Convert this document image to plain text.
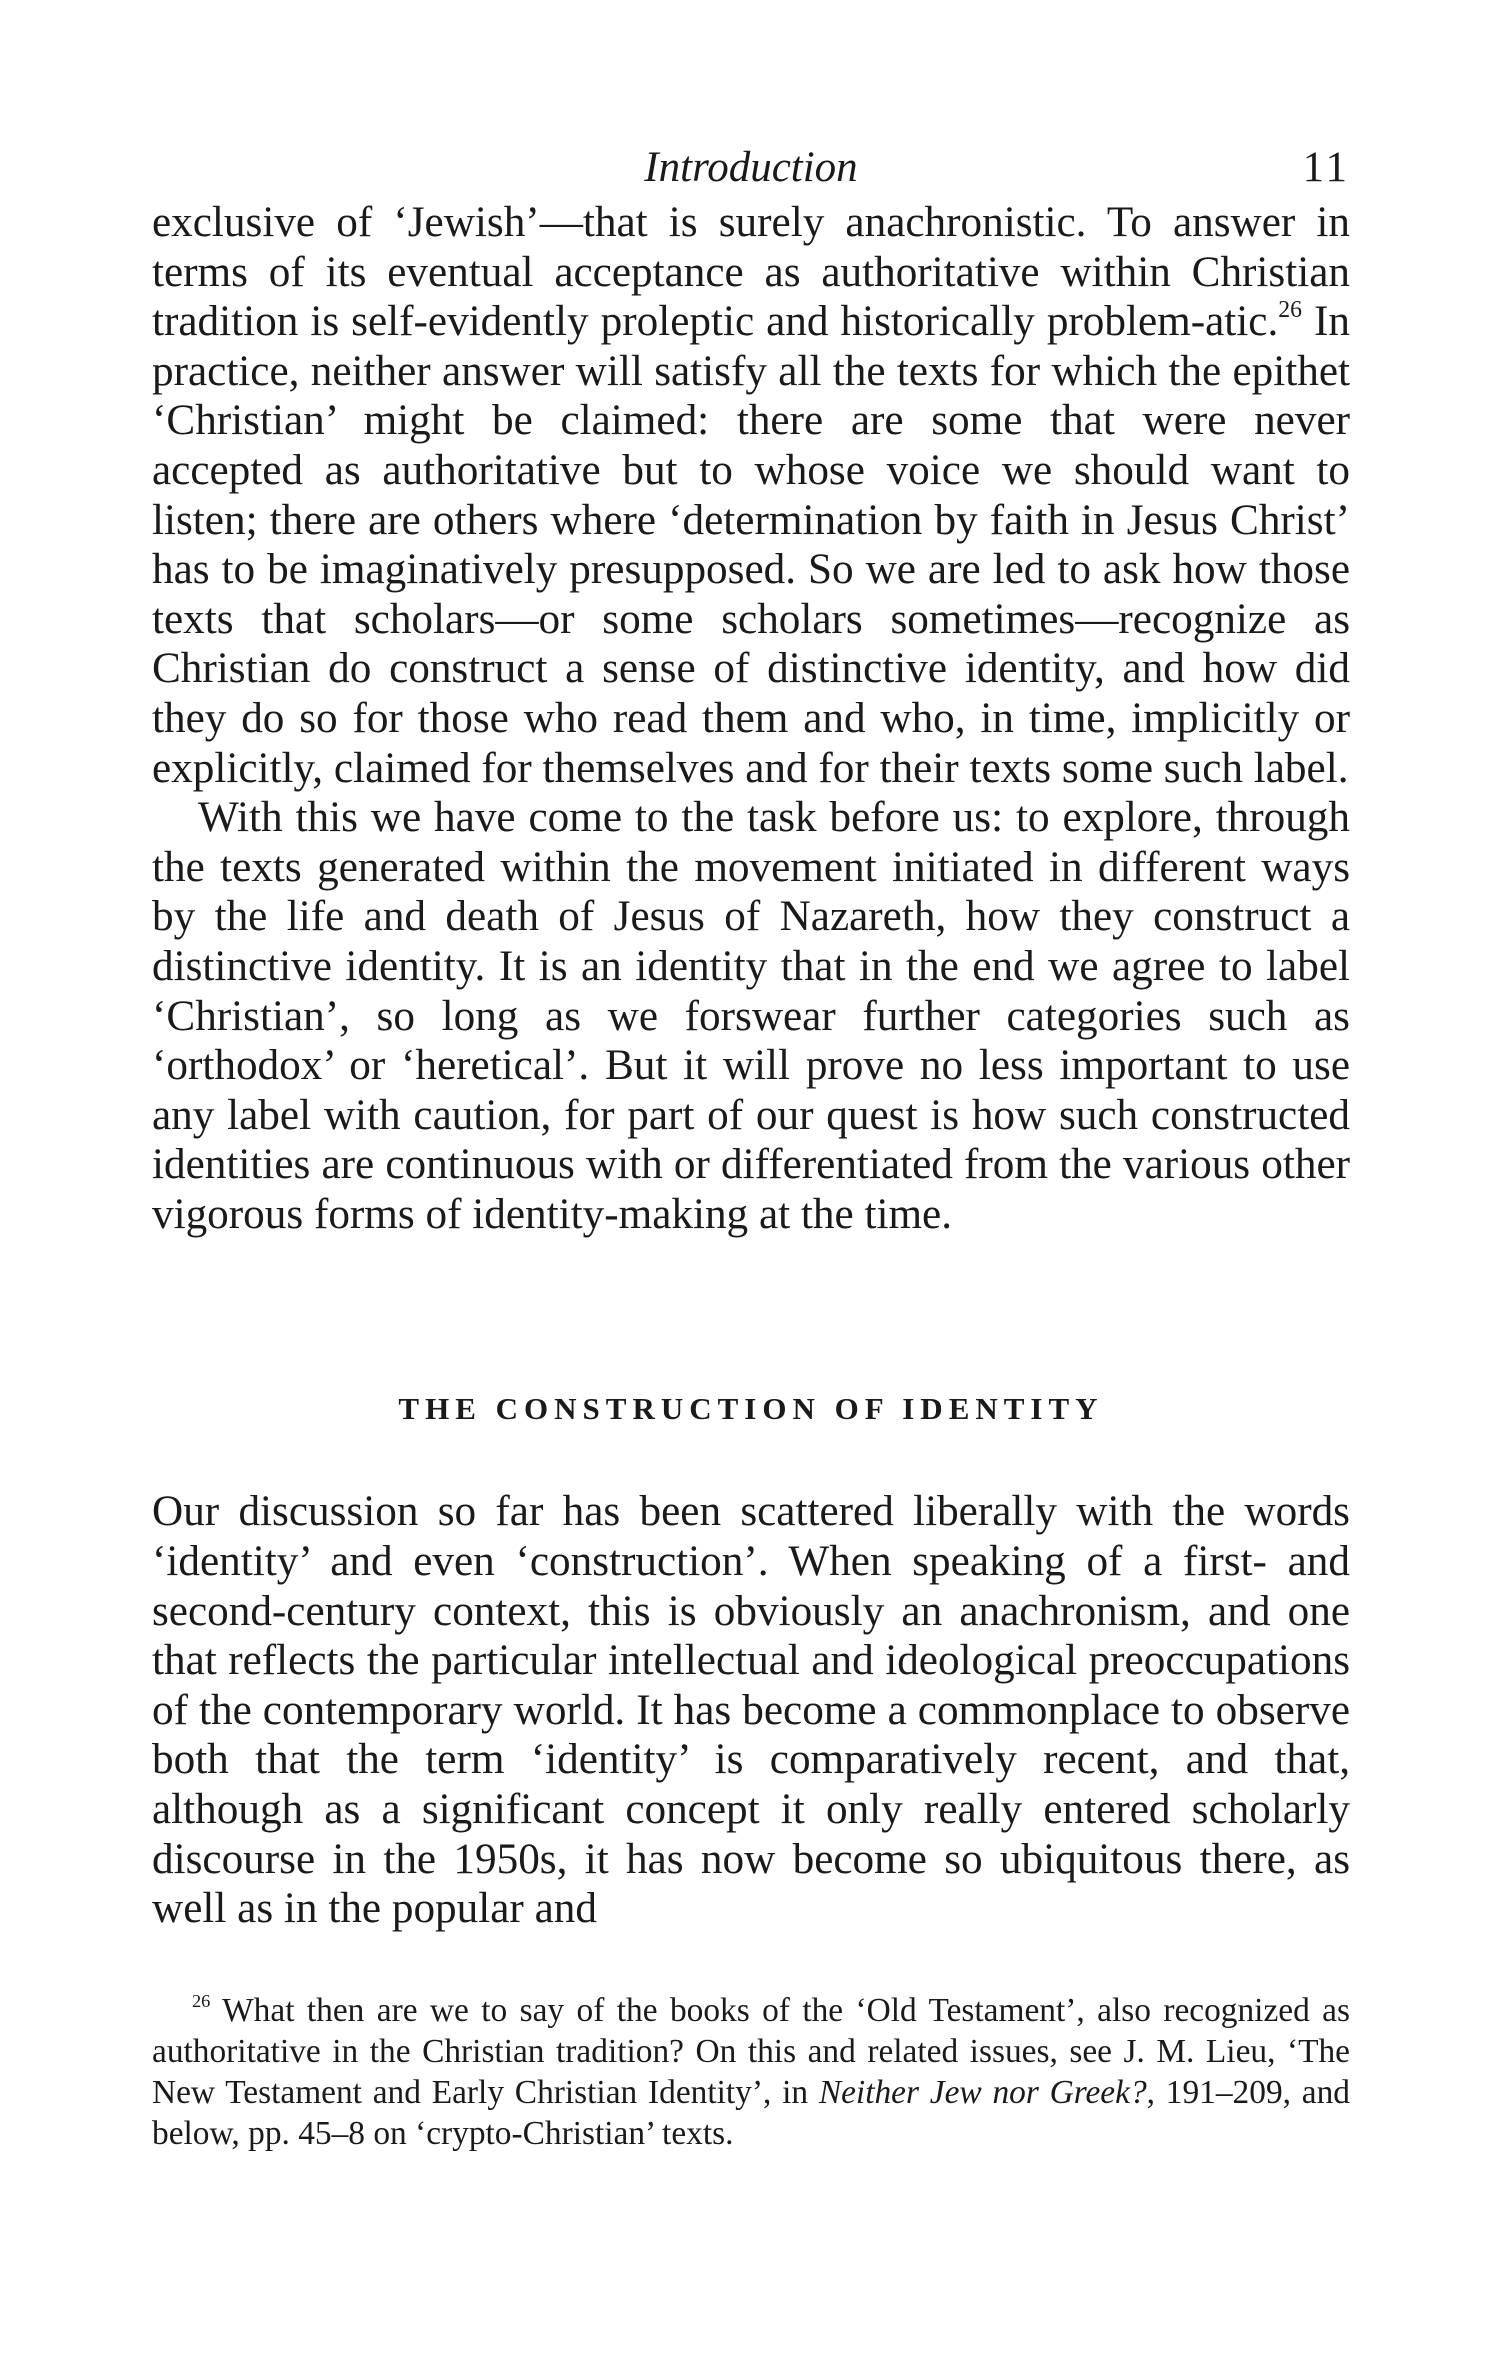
Introduction	11

exclusive of ‘Jewish’—that is surely anachronistic. To answer in terms of its eventual acceptance as authoritative within Christian tradition is self-evidently proleptic and historically problem-atic.$^{26}$ In practice, neither answer will satisfy all the texts for which the epithet ‘Christian’ might be claimed: there are some that were never accepted as authoritative but to whose voice we should want to listen; there are others where ‘determination by faith in Jesus Christ’ has to be imaginatively presupposed. So we are led to ask how those texts that scholars—or some scholars sometimes—recognize as Christian do construct a sense of distinctive identity, and how did they do so for those who read them and who, in time, implicitly or explicitly, claimed for themselves and for their texts some such label.

With this we have come to the task before us: to explore, through the texts generated within the movement initiated in different ways by the life and death of Jesus of Nazareth, how they construct a distinctive identity. It is an identity that in the end we agree to label ‘Christian’, so long as we forswear further categories such as ‘orthodox’ or ‘heretical’. But it will prove no less important to use any label with caution, for part of our quest is how such constructed identities are continuous with or differentiated from the various other vigorous forms of identity-making at the time.

THE CONSTRUCTION OF IDENTITY

Our discussion so far has been scattered liberally with the words ‘identity’ and even ‘construction’. When speaking of a first- and second-century context, this is obviously an anachronism, and one that reflects the particular intellectual and ideological preoccupations of the contemporary world. It has become a commonplace to observe both that the term ‘identity’ is comparatively recent, and that, although as a significant concept it only really entered scholarly discourse in the 1950s, it has now become so ubiquitous there, as well as in the popular and

$^{26}$ What then are we to say of the books of the ‘Old Testament’, also recognized as authoritative in the Christian tradition? On this and related issues, see J. M. Lieu, ‘The New Testament and Early Christian Identity’, in Neither Jew nor Greek?, 191–209, and below, pp. 45–8 on ‘crypto-Christian’ texts.
